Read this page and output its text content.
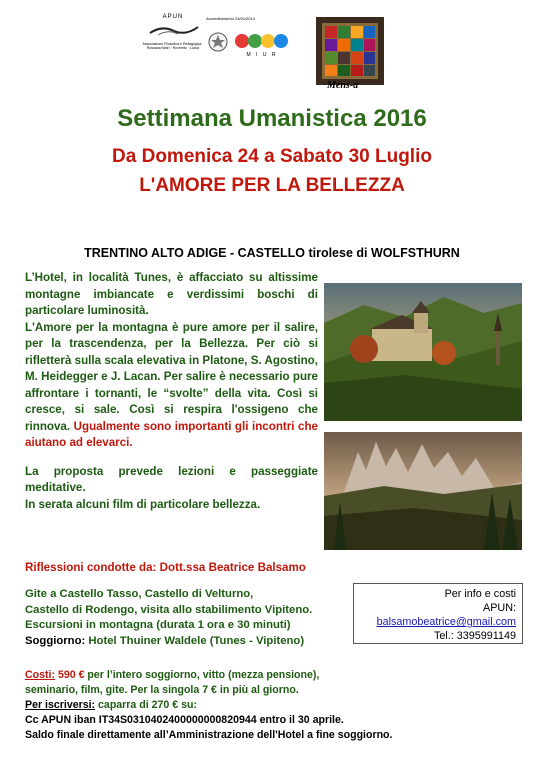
APUN
Associazione Filosofica e Pedagogica · Rossana Nistri · Rovereto · Lucca
Accreditamento 23/01/2014
M I U R
Mens-a
Settimana Umanistica 2016
Da Domenica 24 a Sabato 30 Luglio
L'AMORE PER LA BELLEZZA
TRENTINO ALTO ADIGE - CASTELLO tirolese di WOLFSTHURN

L’Hotel, in località Tunes, è affacciato su altissime montagne imbiancate e verdissimi boschi di particolare luminosità.

L'Amore per la montagna è pure amore per il salire, per la trascendenza, per la Bellezza. Per ciò si rifletterà sulla scala elevativa in Platone, S. Agostino, M. Heidegger e J. Lacan. Per salire è necessario pure affrontare i tornanti, le “svolte” della vita. Così si cresce, si sale. Così si respira l'ossigeno che rinnova. Ugualmente sono importanti gli incontri che aiutano ad elevarci.

La proposta prevede lezioni e passeggiate meditative.

In serata alcuni film di particolare bellezza.

Riflessioni condotte da: Dott.ssa Beatrice Balsamo
Gite a Castello Tasso, Castello di Velturno,
Castello di Rodengo, visita allo stabilimento Vipiteno.
Escursioni in montagna (durata 1 ora e 30 minuti)
Soggiorno: Hotel Thuiner Waldele (Tunes - Vipiteno)
Per info e costi
APUN:
balsamobeatrice@gmail.com
Tel.: 3395991149
Costi: 590 € per l’intero soggiorno, vitto (mezza pensione),
seminario, film, gite. Per la singola 7 € in più al giorno.
Per iscriversi: caparra di 270 € su:
Cc APUN iban IT34S0310402400000000820944 entro il 30 aprile.
Saldo finale direttamente all’Amministrazione dell'Hotel a fine soggiorno.
